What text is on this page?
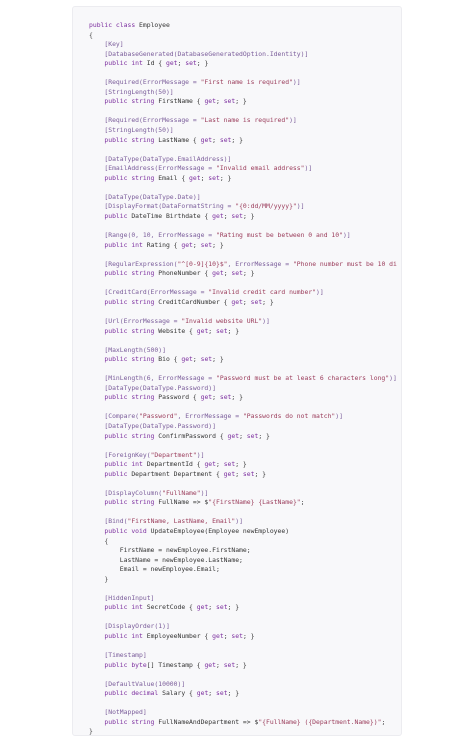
public class Employee
{
[Key]
[DatabaseGenerated(DatabaseGeneratedOption.Identity)]
public int Id { get; set; }

[Required(ErrorMessage = "First name is required")]
[StringLength(50)]
public string FirstName { get; set; }

[Required(ErrorMessage = "Last name is required")]
[StringLength(50)]
public string LastName { get; set; }

[DataType(DataType.EmailAddress)]
[EmailAddress(ErrorMessage = "Invalid email address")]
public string Email { get; set; }

[DataType(DataType.Date)]
[DisplayFormat(DataFormatString = "{0:dd/MM/yyyy}")]
public DateTime Birthdate { get; set; }

[Range(0, 10, ErrorMessage = "Rating must be between 0 and 10")]
public int Rating { get; set; }

[RegularExpression("^[0-9]{10}$", ErrorMessage = "Phone number must be 10 di
public string PhoneNumber { get; set; }

[CreditCard(ErrorMessage = "Invalid credit card number")]
public string CreditCardNumber { get; set; }

[Url(ErrorMessage = "Invalid website URL")]
public string Website { get; set; }

[MaxLength(500)]
public string Bio { get; set; }

[MinLength(6, ErrorMessage = "Password must be at least 6 characters long")]
[DataType(DataType.Password)]
public string Password { get; set; }

[Compare("Password", ErrorMessage = "Passwords do not match")]
[DataType(DataType.Password)]
public string ConfirmPassword { get; set; }

[ForeignKey("Department")]
public int DepartmentId { get; set; }
public Department Department { get; set; }

[DisplayColumn("FullName")]
public string FullName => $"{FirstName} {LastName}";

[Bind("FirstName, LastName, Email")]
public void UpdateEmployee(Employee newEmployee)
{
FirstName = newEmployee.FirstName;
LastName = newEmployee.LastName;
Email = newEmployee.Email;
}

[HiddenInput]
public int SecretCode { get; set; }

[DisplayOrder(1)]
public int EmployeeNumber { get; set; }

[Timestamp]
public byte[] Timestamp { get; set; }

[DefaultValue(10000)]
public decimal Salary { get; set; }

[NotMapped]
public string FullNameAndDepartment => $"{FullName} ({Department.Name})";
}
